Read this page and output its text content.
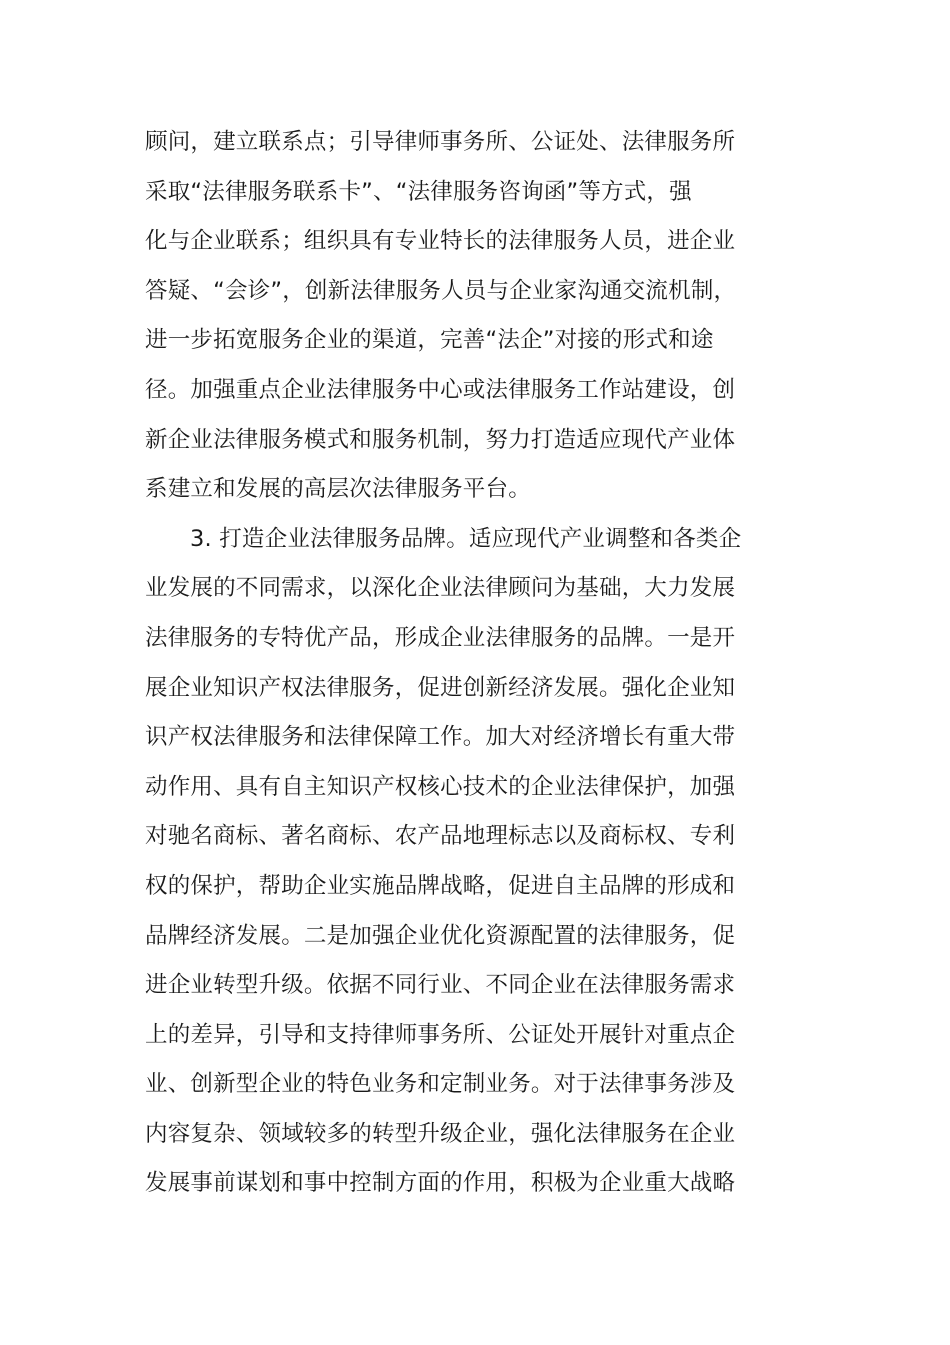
顾问，建立联系点；引导律师事务所、公证处、法律服务所
采取“法律服务联系卡”、“法律服务咨询函”等方式，强
化与企业联系；组织具有专业特长的法律服务人员，进企业
答疑、“会诊”，创新法律服务人员与企业家沟通交流机制，
进一步拓宽服务企业的渠道，完善“法企”对接的形式和途
径。加强重点企业法律服务中心或法律服务工作站建设，创
新企业法律服务模式和服务机制，努力打造适应现代产业体
系建立和发展的高层次法律服务平台。
3. 打造企业法律服务品牌。适应现代产业调整和各类企
业发展的不同需求，以深化企业法律顾问为基础，大力发展
法律服务的专特优产品，形成企业法律服务的品牌。一是开
展企业知识产权法律服务，促进创新经济发展。强化企业知
识产权法律服务和法律保障工作。加大对经济增长有重大带
动作用、具有自主知识产权核心技术的企业法律保护，加强
对驰名商标、著名商标、农产品地理标志以及商标权、专利
权的保护，帮助企业实施品牌战略，促进自主品牌的形成和
品牌经济发展。二是加强企业优化资源配置的法律服务，促
进企业转型升级。依据不同行业、不同企业在法律服务需求
上的差异，引导和支持律师事务所、公证处开展针对重点企
业、创新型企业的特色业务和定制业务。对于法律事务涉及
内容复杂、领域较多的转型升级企业，强化法律服务在企业
发展事前谋划和事中控制方面的作用，积极为企业重大战略
